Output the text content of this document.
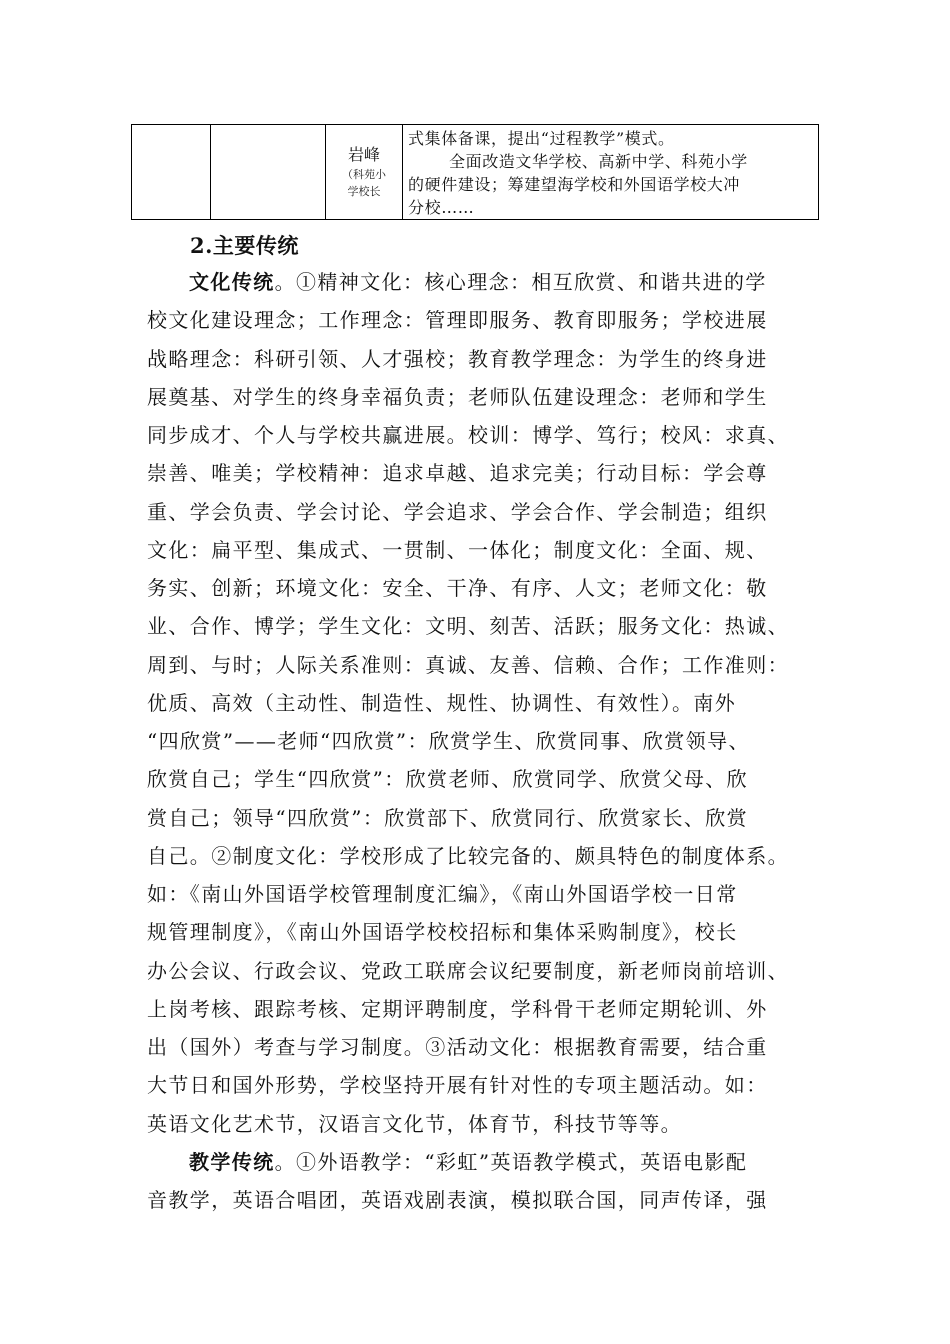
岩峰
（科苑小
学校长
式集体备课，提出“过程教学”模式。
全面改造文华学校、高新中学、科苑小学
的硬件建设；筹建望海学校和外国语学校大冲
分校……
2.主要传统
文化传统。①精神文化：核心理念：相互欣赏、和谐共进的学
校文化建设理念；工作理念：管理即服务、教育即服务；学校进展
战略理念：科研引领、人才强校；教育教学理念：为学生的终身进
展奠基、对学生的终身幸福负责；老师队伍建设理念：老师和学生
同步成才、个人与学校共赢进展。校训：博学、笃行；校风：求真、
崇善、唯美；学校精神：追求卓越、追求完美；行动目标：学会尊
重、学会负责、学会讨论、学会追求、学会合作、学会制造；组织
文化：扁平型、集成式、一贯制、一体化；制度文化：全面、规、
务实、创新；环境文化：安全、干净、有序、人文；老师文化：敬
业、合作、博学；学生文化：文明、刻苦、活跃；服务文化：热诚、
周到、与时；人际关系准则：真诚、友善、信赖、合作；工作准则：
优质、高效（主动性、制造性、规性、协调性、有效性）。南外
“四欣赏”——老师“四欣赏”：欣赏学生、欣赏同事、欣赏领导、
欣赏自己；学生“四欣赏”：欣赏老师、欣赏同学、欣赏父母、欣
赏自己；领导“四欣赏”：欣赏部下、欣赏同行、欣赏家长、欣赏
自己。②制度文化：学校形成了比较完备的、颇具特色的制度体系。
如：《南山外国语学校管理制度汇编》，《南山外国语学校一日常
规管理制度》，《南山外国语学校校招标和集体采购制度》，校长
办公会议、行政会议、党政工联席会议纪要制度，新老师岗前培训、
上岗考核、跟踪考核、定期评聘制度，学科骨干老师定期轮训、外
出（国外）考查与学习制度。③活动文化：根据教育需要，结合重
大节日和国外形势，学校坚持开展有针对性的专项主题活动。如：
英语文化艺术节，汉语言文化节，体育节，科技节等等。
教学传统。①外语教学：“彩虹”英语教学模式，英语电影配
音教学，英语合唱团，英语戏剧表演，模拟联合国，同声传译，强
